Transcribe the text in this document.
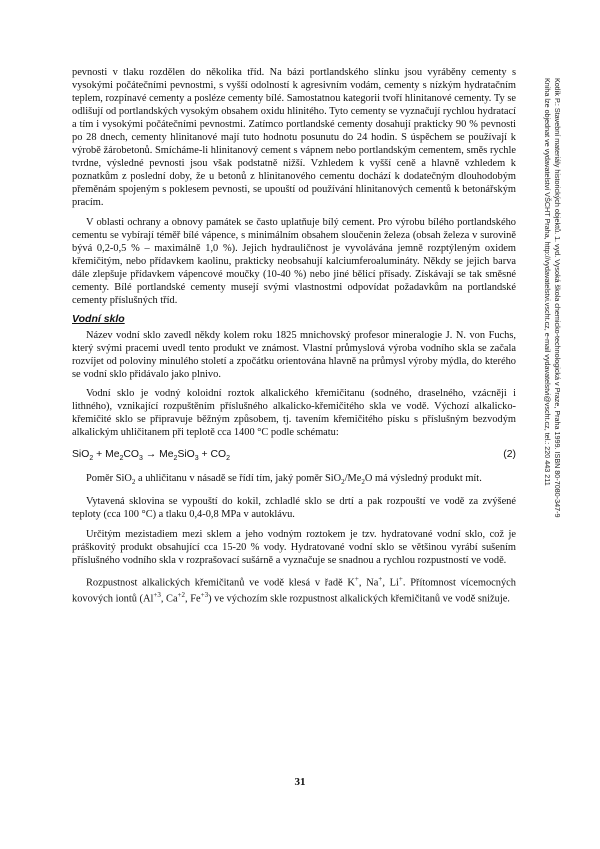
Kotlík P.: Stavební materiály historických objektů. 1. vyd. Vysoká škola chemicko-technologická v Praze, Praha 1999. ISBN 80-7080-347-9
Kniha lze objednat ve vydavatelství VŠCHT Praha, http://vydavatelstvi.vscht.cz, e-mail vydavatelstvi@vscht.cz, tel.: 220 443 211

pevnosti v tlaku rozdělen do několika tříd. Na bázi portlandského slínku jsou vyráběny cementy s vysokými počátečními pevnostmi, s vyšší odolností k agresivním vodám, cementy s nízkým hydratačním teplem, rozpínavé cementy a posléze cementy bílé. Samostatnou kategorii tvoří hlinitanové cementy. Ty se odlišují od portlandských vysokým obsahem oxidu hlinitého. Tyto cementy se vyznačují rychlou hydratací a tím i vysokými počátečními pevnostmi. Zatímco portlandské cementy dosahují prakticky 90 % pevnosti po 28 dnech, cementy hlinitanové mají tuto hodnotu posunutu do 24 hodin. S úspěchem se používají k výrobě žárobetonů. Smícháme-li hlinitanový cement s vápnem nebo portlandským cementem, směs rychle tvrdne, výsledné pevnosti jsou však podstatně nižší. Vzhledem k vyšší ceně a hlavně vzhledem k poznatkům z poslední doby, že u betonů z hlinitanového cementu dochází k dodatečným dlouhodobým přeměnám spojeným s poklesem pevnosti, se upouští od používání hlinitanových cementů k betonářským pracím.

V oblasti ochrany a obnovy památek se často uplatňuje bílý cement. Pro výrobu bílého portlandského cementu se vybírají téměř bílé vápence, s minimálním obsahem sloučenin železa (obsah železa v surovině bývá 0,2-0,5 % – maximálně 1,0 %). Jejich hydrauličnost je vyvolávána jemně rozptýleným oxidem křemičitým, nebo přídavkem kaolinu, prakticky neobsahují kalciumferoalumináty. Někdy se jejich barva dále zlepšuje přídavkem vápencové moučky (10-40 %) nebo jiné bělicí přísady. Získávají se tak směsné cementy. Bílé portlandské cementy musejí svými vlastnostmi odpovídat požadavkům na portlandské cementy příslušných tříd.

Vodní sklo

Název vodní sklo zavedl někdy kolem roku 1825 mnichovský profesor mineralogie J. N. von Fuchs, který svými pracemi uvedl tento produkt ve známost. Vlastní průmyslová výroba vodního skla se začala rozvíjet od poloviny minulého století a zpočátku orientována hlavně na průmysl výroby mýdla, do kterého se vodní sklo přidávalo jako plnivo.

Vodní sklo je vodný koloidní roztok alkalického křemičitanu (sodného, draselného, vzácněji i lithného), vznikající rozpuštěním příslušného alkalicko-křemičitého skla ve vodě. Výchozí alkalicko-křemičité sklo se připravuje běžným způsobem, tj. tavením křemičitého písku s příslušným bezvodým alkalickým uhličitanem při teplotě cca 1400 °C podle schématu:

$SiO_2 + Me_2CO_3 \to Me_2SiO_3 + CO_2$	(2)

Poměr SiO$_2$ a uhličitanu v násadě se řídí tím, jaký poměr $SiO_2/Me_2O$ má výsledný produkt mít.

Vytavená sklovina se vypouští do kokil, zchladlé sklo se drtí a pak rozpouští ve vodě za zvýšené teploty (cca 100 °C) a tlaku 0,4-0,8 MPa v autoklávu.

Určitým mezistadiem mezi sklem a jeho vodným roztokem je tzv. hydratované vodní sklo, což je práškovitý produkt obsahující cca 15-20 % vody. Hydratované vodní sklo se většinou vyrábí sušením příslušného vodního skla v rozprašovací sušárně a vyznačuje se snadnou a rychlou rozpustností ve vodě.

Rozpustnost alkalických křemičitanů ve vodě klesá v řadě K+, Na+, Li+. Přítomnost vícemocných kovových iontů ($Al^{+3}$, $Ca^{+2}$, $Fe^{+3}$) ve výchozím skle rozpustnost alkalických křemičitanů ve vodě snižuje.

31
